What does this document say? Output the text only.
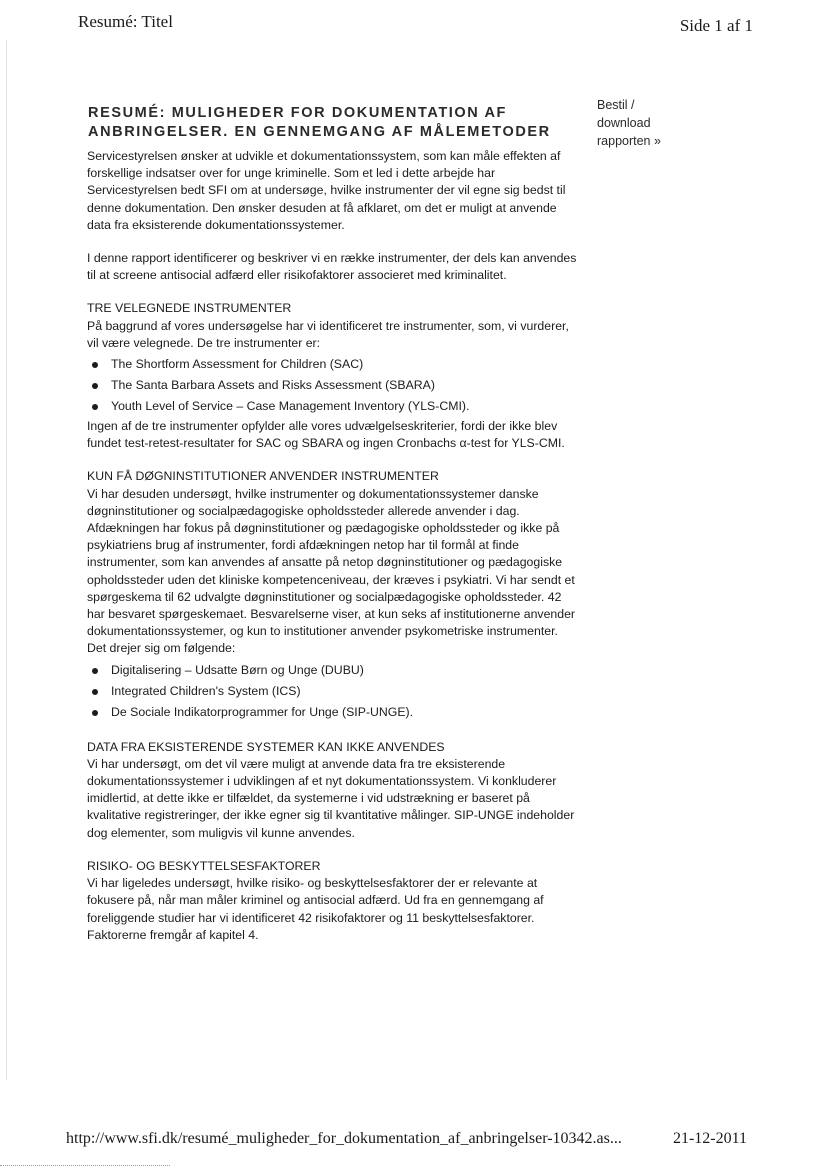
Resumé: Titel	Side 1 af 1
RESUMÉ: MULIGHEDER FOR DOKUMENTATION AF ANBRINGELSER. EN GENNEMGANG AF MÅLEMETODER
Bestil / download rapporten »

Servicestyrelsen ønsker at udvikle et dokumentationssystem, som kan måle effekten af forskellige indsatser over for unge kriminelle. Som et led i dette arbejde har Servicestyrelsen bedt SFI om at undersøge, hvilke instrumenter der vil egne sig bedst til denne dokumentation. Den ønsker desuden at få afklaret, om det er muligt at anvende data fra eksisterende dokumentationssystemer.

I denne rapport identificerer og beskriver vi en række instrumenter, der dels kan anvendes til at screene antisocial adfærd eller risikofaktorer associeret med kriminalitet.

TRE VELEGNEDE INSTRUMENTER

På baggrund af vores undersøgelse har vi identificeret tre instrumenter, som, vi vurderer, vil være velegnede. De tre instrumenter er:

The Shortform Assessment for Children (SAC)
The Santa Barbara Assets and Risks Assessment (SBARA)
Youth Level of Service – Case Management Inventory (YLS-CMI).

Ingen af de tre instrumenter opfylder alle vores udvælgelseskriterier, fordi der ikke blev fundet test-retest-resultater for SAC og SBARA og ingen Cronbachs α-test for YLS-CMI.

KUN FÅ DØGNINSTITUTIONER ANVENDER INSTRUMENTER

Vi har desuden undersøgt, hvilke instrumenter og dokumentationssystemer danske døgninstitutioner og socialpædagogiske opholdssteder allerede anvender i dag. Afdækningen har fokus på døgninstitutioner og pædagogiske opholdssteder og ikke på psykiatriens brug af instrumenter, fordi afdækningen netop har til formål at finde instrumenter, som kan anvendes af ansatte på netop døgninstitutioner og pædagogiske opholdssteder uden det kliniske kompetenceniveau, der kræves i psykiatri. Vi har sendt et spørgeskema til 62 udvalgte døgninstitutioner og socialpædagogiske opholdssteder. 42 har besvaret spørgeskemaet. Besvarelserne viser, at kun seks af institutionerne anvender dokumentationssystemer, og kun to institutioner anvender psykometriske instrumenter. Det drejer sig om følgende:

Digitalisering – Udsatte Børn og Unge (DUBU)
Integrated Children's System (ICS)
De Sociale Indikatorprogrammer for Unge (SIP-UNGE).
DATA FRA EKSISTERENDE SYSTEMER KAN IKKE ANVENDES

Vi har undersøgt, om det vil være muligt at anvende data fra tre eksisterende dokumentationssystemer i udviklingen af et nyt dokumentationssystem. Vi konkluderer imidlertid, at dette ikke er tilfældet, da systemerne i vid udstrækning er baseret på kvalitative registreringer, der ikke egner sig til kvantitative målinger. SIP-UNGE indeholder dog elementer, som muligvis vil kunne anvendes.

RISIKO- OG BESKYTTELSESFAKTORER

Vi har ligeledes undersøgt, hvilke risiko- og beskyttelsesfaktorer der er relevante at fokusere på, når man måler kriminel og antisocial adfærd. Ud fra en gennemgang af foreliggende studier har vi identificeret 42 risikofaktorer og 11 beskyttelsesfaktorer. Faktorerne fremgår af kapitel 4.

http://www.sfi.dk/resumé_muligheder_for_dokumentation_af_anbringelser-10342.as...	21-12-2011
